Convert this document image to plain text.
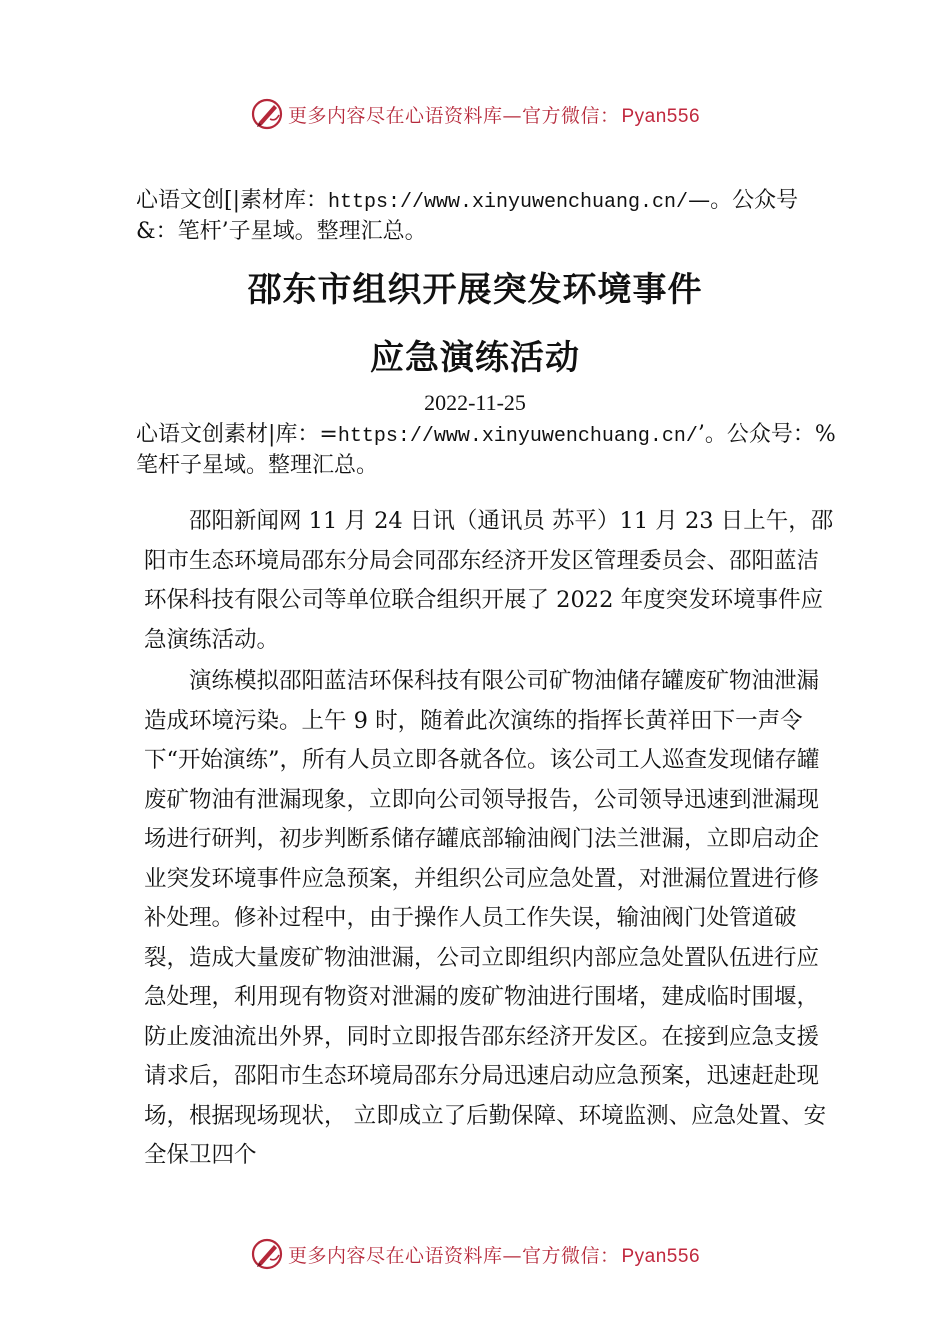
更多内容尽在心语资料库—官方微信： Pyan556
心语文创[|素材库：https://www.xinyuwenchuang.cn/—。公众号&：笔杆’子星域。整理汇总。
邵东市组织开展突发环境事件
应急演练活动
2022-11-25
心语文创素材|库：=https://www.xinyuwenchuang.cn/’。公众号：%笔杆子星域。整理汇总。

邵阳新闻网 11 月 24 日讯（通讯员 苏平）11 月 23 日上午，邵阳市生态环境局邵东分局会同邵东经济开发区管理委员会、邵阳蓝洁环保科技有限公司等单位联合组织开展了 2022 年度突发环境事件应急演练活动。

演练模拟邵阳蓝洁环保科技有限公司矿物油储存罐废矿物油泄漏造成环境污染。上午 9 时，随着此次演练的指挥长黄祥田下一声令下“开始演练”，所有人员立即各就各位。该公司工人巡查发现储存罐废矿物油有泄漏现象，立即向公司领导报告，公司领导迅速到泄漏现场进行研判，初步判断系储存罐底部输油阀门法兰泄漏，立即启动企业突发环境事件应急预案，并组织公司应急处置，对泄漏位置进行修补处理。修补过程中，由于操作人员工作失误，输油阀门处管道破裂，造成大量废矿物油泄漏，公司立即组织内部应急处置队伍进行应急处理，利用现有物资对泄漏的废矿物油进行围堵，建成临时围堰，防止废油流出外界，同时立即报告邵东经济开发区。在接到应急支援请求后，邵阳市生态环境局邵东分局迅速启动应急预案，迅速赶赴现场，根据现场现状， 立即成立了后勤保障、环境监测、应急处置、安全保卫四个

更多内容尽在心语资料库—官方微信： Pyan556
